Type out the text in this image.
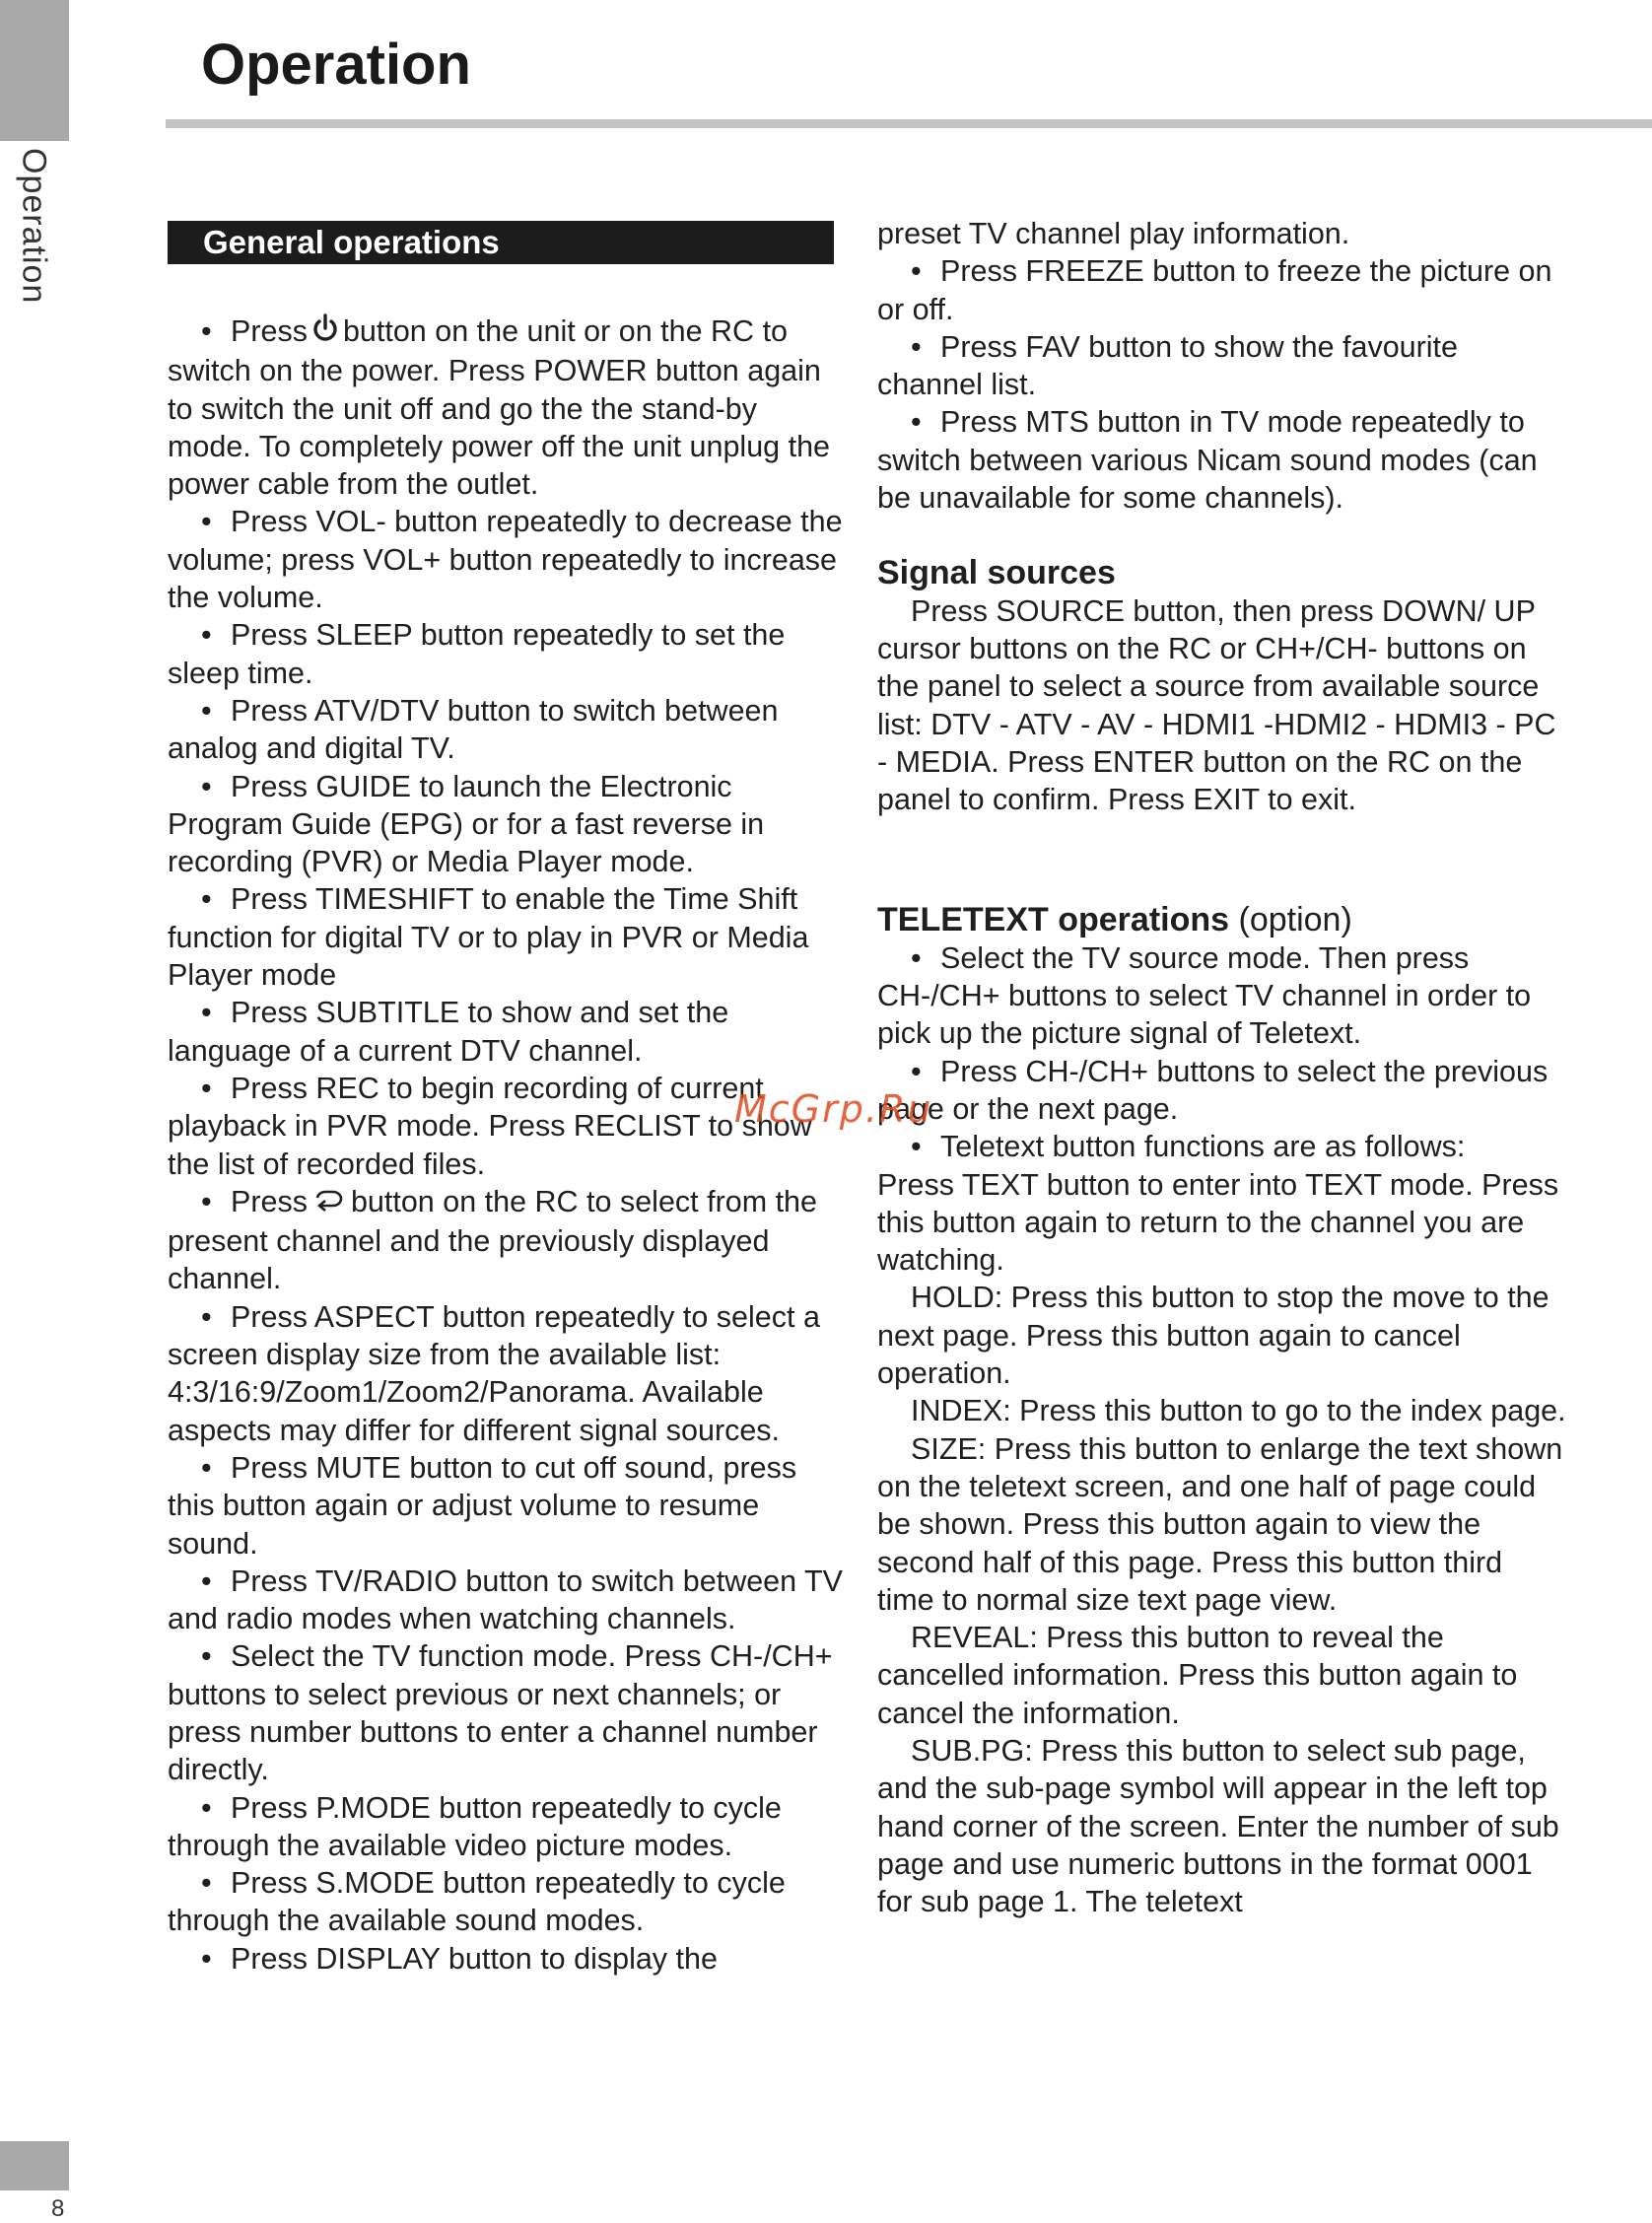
Operation
Operation
General operations

• Press button on the unit or on the RC to switch on the power. Press POWER button again to switch the unit off and go the the stand-by mode. To completely power off the unit unplug the power cable from the outlet.

• Press VOL- button repeatedly to decrease the volume; press VOL+ button repeatedly to increase the volume.

• Press SLEEP button repeatedly to set the sleep time.

• Press ATV/DTV button to switch between analog and digital TV.

• Press GUIDE to launch the Electronic Program Guide (EPG) or for a fast reverse in recording (PVR) or Media Player mode.

• Press TIMESHIFT to enable the Time Shift function for digital TV or to play in PVR or Media Player mode

• Press SUBTITLE to show and set the language of a current DTV channel.

• Press REC to begin recording of current playback in PVR mode. Press RECLIST to show the list of recorded files.

• Press button on the RC to select from the present channel and the previously displayed channel.

• Press ASPECT button repeatedly to select a screen display size from the available list: 4:3/16:9/Zoom1/Zoom2/Panorama. Available aspects may differ for different signal sources.

• Press MUTE button to cut off sound, press this button again or adjust volume to resume sound.

• Press TV/RADIO button to switch between TV and radio modes when watching channels.

• Select the TV function mode. Press CH-/CH+ buttons to select previous or next channels; or press number buttons to enter a channel number directly.

• Press P.MODE button repeatedly to cycle through the available video picture modes.

• Press S.MODE button repeatedly to cycle through the available sound modes.

• Press DISPLAY button to display the

preset TV channel play information.

• Press FREEZE button to freeze the picture on or off.

• Press FAV button to show the favourite channel list.

• Press MTS button in TV mode repeatedly to switch between various Nicam sound modes (can be unavailable for some channels).

Signal sources

Press SOURCE button, then press DOWN/ UP cursor buttons on the RC or CH+/CH- buttons on the panel to select a source from available source list: DTV - ATV - AV - HDMI1 -HDMI2 - HDMI3 - PC - MEDIA. Press ENTER button on the RC on the panel to confirm. Press EXIT to exit.

TELETEXT operations (option)

• Select the TV source mode. Then press CH-/CH+ buttons to select TV channel in order to pick up the picture signal of Teletext.

• Press CH-/CH+ buttons to select the previous page or the next page.

• Teletext button functions are as follows:

Press TEXT button to enter into TEXT mode. Press this button again to return to the channel you are watching.

HOLD: Press this button to stop the move to the next page. Press this button again to cancel operation.

INDEX: Press this button to go to the index page.

SIZE: Press this button to enlarge the text shown on the teletext screen, and one half of page could be shown. Press this button again to view the second half of this page. Press this button third time to normal size text page view.

REVEAL: Press this button to reveal the cancelled information. Press this button again to cancel the information.

SUB.PG: Press this button to select sub page, and the sub-page symbol will appear in the left top hand corner of the screen. Enter the number of sub page and use numeric buttons in the format 0001 for sub page 1. The teletext

McGrp.Ru
8
